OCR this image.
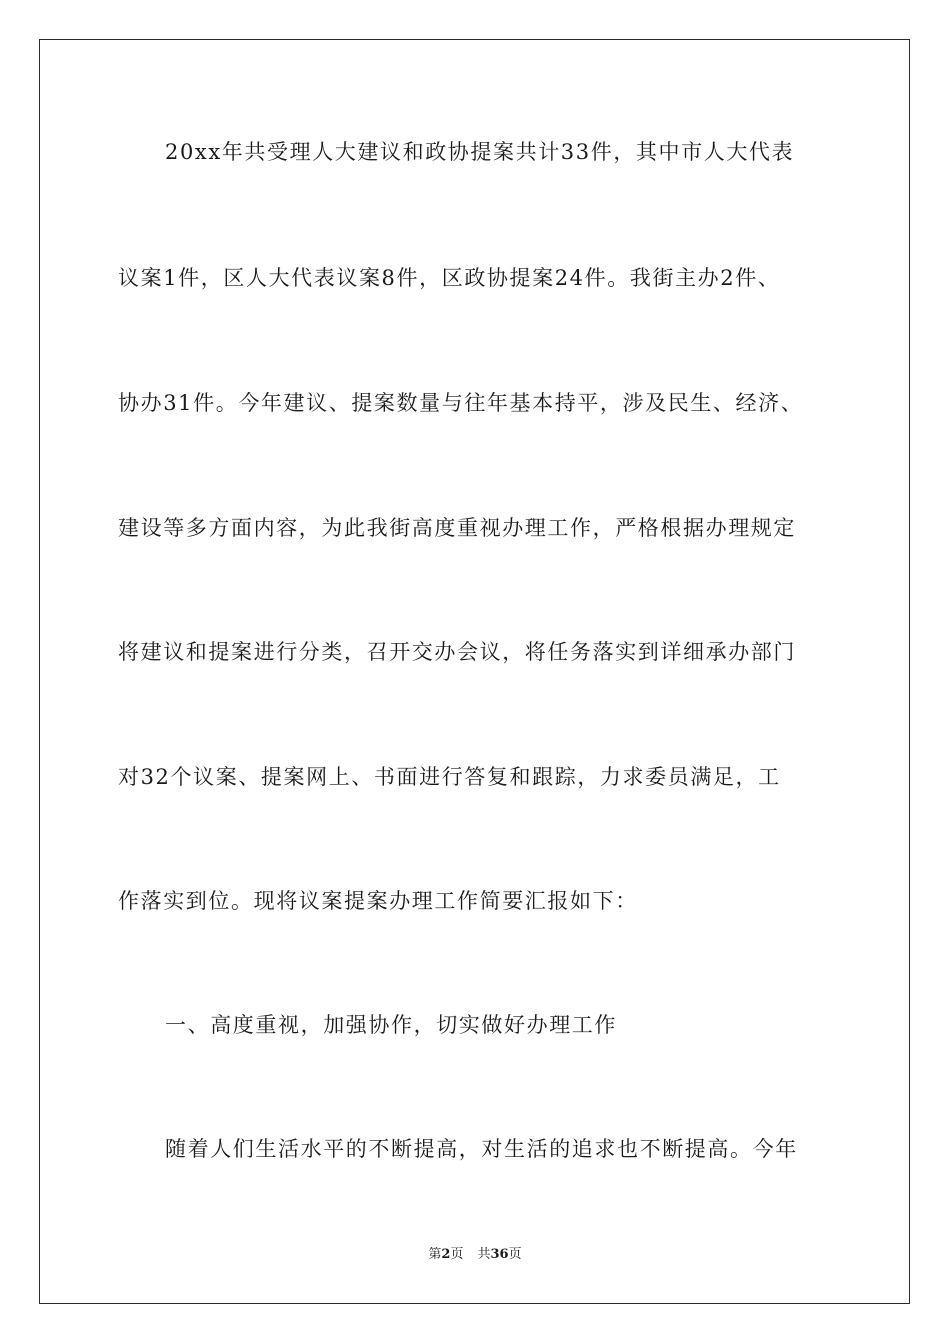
20xx年共受理人大建议和政协提案共计33件，其中市人大代表
议案1件，区人大代表议案8件，区政协提案24件。我街主办2件、
协办31件。今年建议、提案数量与往年基本持平，涉及民生、经济、
建设等多方面内容，为此我街高度重视办理工作，严格根据办理规定
将建议和提案进行分类，召开交办会议，将任务落实到详细承办部门
对32个议案、提案网上、书面进行答复和跟踪，力求委员满足，工
作落实到位。现将议案提案办理工作简要汇报如下：
一、高度重视，加强协作，切实做好办理工作
随着人们生活水平的不断提高，对生活的追求也不断提高。今年
第2页 共36页
